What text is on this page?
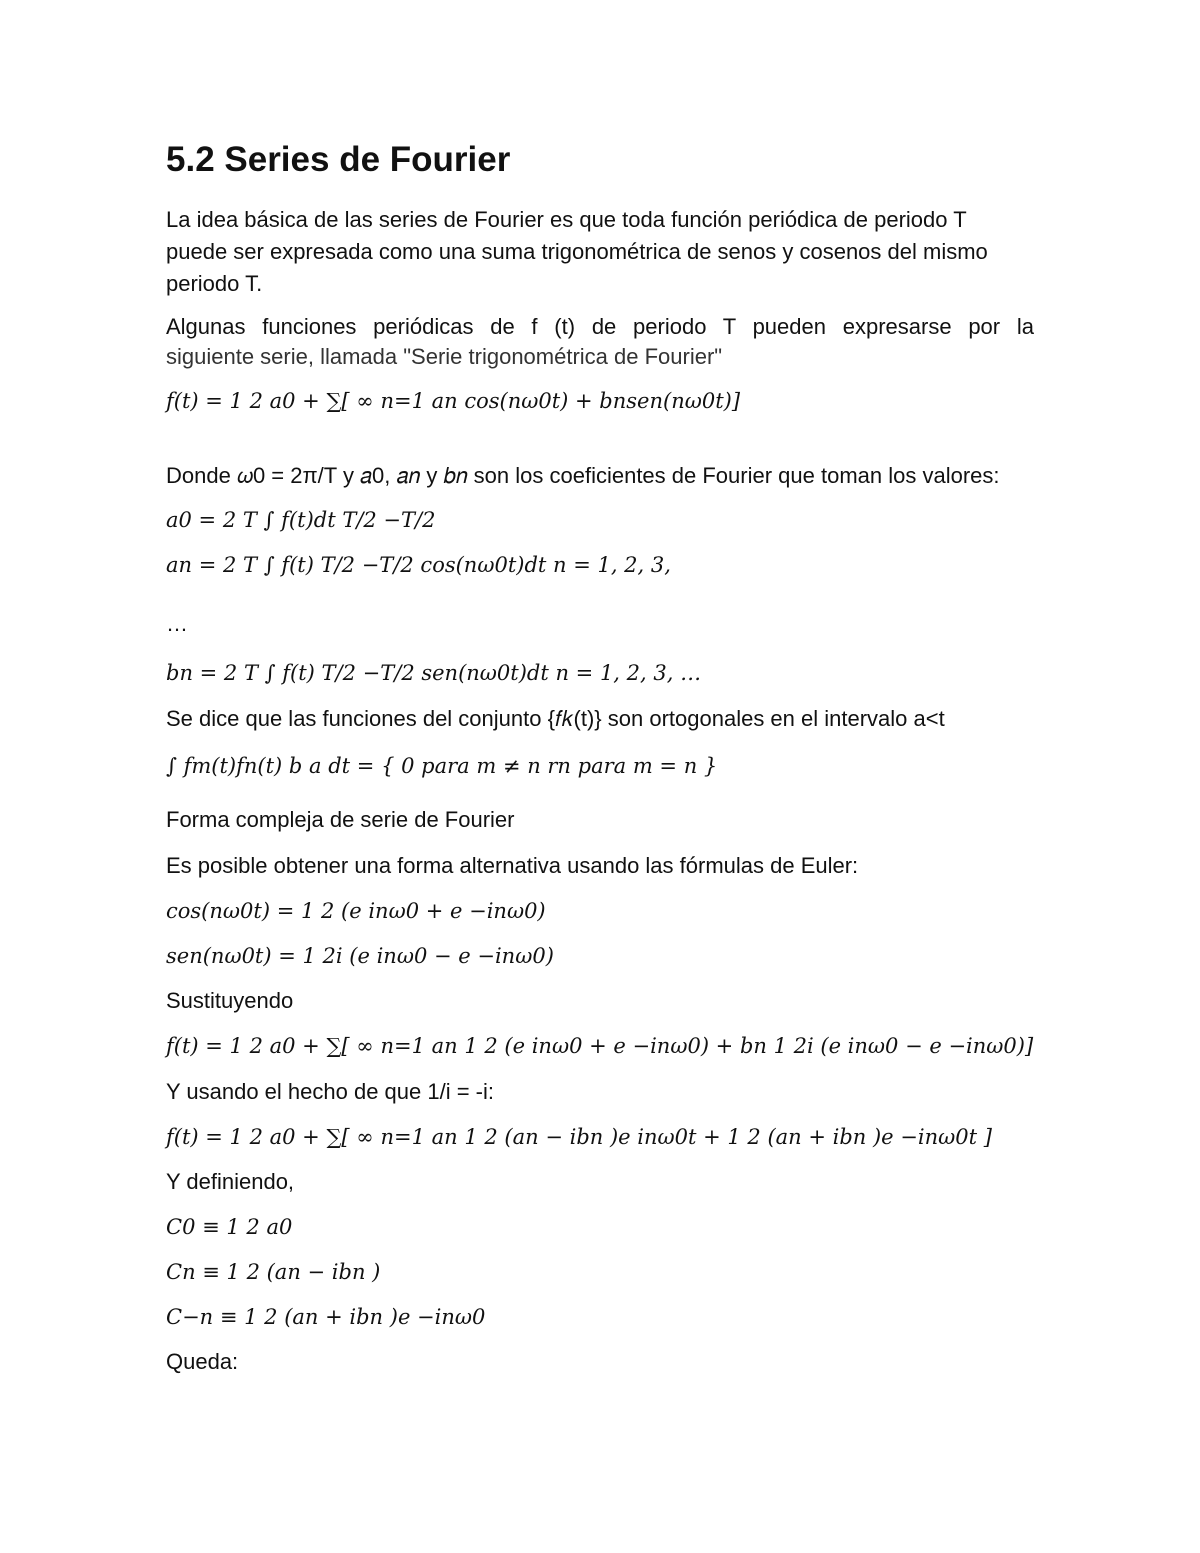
5.2 Series de Fourier

La idea básica de las series de Fourier es que toda función periódica de periodo T

puede ser expresada como una suma trigonométrica de senos y cosenos del mismo

periodo T.

Algunas funciones periódicas de f (t) de periodo T pueden expresarse por la

siguiente serie, llamada "Serie trigonométrica de Fourier"

𝑓(𝑡) = 1 2 𝑎0 + ∑[ ∞ 𝑛=1 𝑎𝑛 cos(𝑛𝜔0𝑡) + 𝑏𝑛𝑠𝑒𝑛(𝑛𝜔0𝑡)]

Donde 𝜔0 = 2π/T y 𝑎0, 𝑎𝑛 y 𝑏𝑛 son los coeficientes de Fourier que toman los valores:

𝑎0 = 2 𝑇 ∫ 𝑓(𝑡)𝑑𝑡 𝑇/2 −𝑇/2

𝑎𝑛 = 2 𝑇 ∫ 𝑓(𝑡) 𝑇/2 −𝑇/2 𝑐𝑜𝑠(𝑛𝜔0𝑡)𝑑𝑡 𝑛 = 1, 2, 3,

…

𝑏𝑛 = 2 𝑇 ∫ 𝑓(𝑡) 𝑇/2 −𝑇/2 𝑠𝑒𝑛(𝑛𝜔0𝑡)𝑑𝑡 𝑛 = 1, 2, 3, …

Se dice que las funciones del conjunto {𝑓𝑘(t)} son ortogonales en el intervalo a<t

∫ 𝑓𝑚(𝑡)𝑓𝑛(𝑡) 𝑏 𝑎 𝑑𝑡 = { 0 𝑝𝑎𝑟𝑎 𝑚 ≠ 𝑛 𝑟𝑛 𝑝𝑎𝑟𝑎 𝑚 = 𝑛 }

Forma compleja de serie de Fourier

Es posible obtener una forma alternativa usando las fórmulas de Euler:

𝑐𝑜𝑠(𝑛𝜔0𝑡) = 1 2 (𝑒 𝑖𝑛𝜔0 + 𝑒 −𝑖𝑛𝜔0)

𝑠𝑒𝑛(𝑛𝜔0𝑡) = 1 2𝑖 (𝑒 𝑖𝑛𝜔0 − 𝑒 −𝑖𝑛𝜔0)

Sustituyendo

𝑓(𝑡) = 1 2 𝑎0 + ∑[ ∞ 𝑛=1 𝑎𝑛 1 2 (𝑒 𝑖𝑛𝜔0 + 𝑒 −𝑖𝑛𝜔0) + 𝑏𝑛 1 2𝑖 (𝑒 𝑖𝑛𝜔0 − 𝑒 −𝑖𝑛𝜔0)]

Y usando el hecho de que 1/i = -i:

𝑓(𝑡) = 1 2 𝑎0 + ∑[ ∞ 𝑛=1 𝑎𝑛 1 2 (𝑎𝑛 − 𝑖𝑏𝑛 )𝑒 𝑖𝑛𝜔0𝑡 + 1 2 (𝑎𝑛 + 𝑖𝑏𝑛 )𝑒 −𝑖𝑛𝜔0𝑡 ]

Y definiendo,

𝐶0 ≡ 1 2 𝑎0

𝐶𝑛 ≡ 1 2 (𝑎𝑛 − 𝑖𝑏𝑛 )

𝐶−𝑛 ≡ 1 2 (𝑎𝑛 + 𝑖𝑏𝑛 )𝑒 −𝑖𝑛𝜔0

Queda:
